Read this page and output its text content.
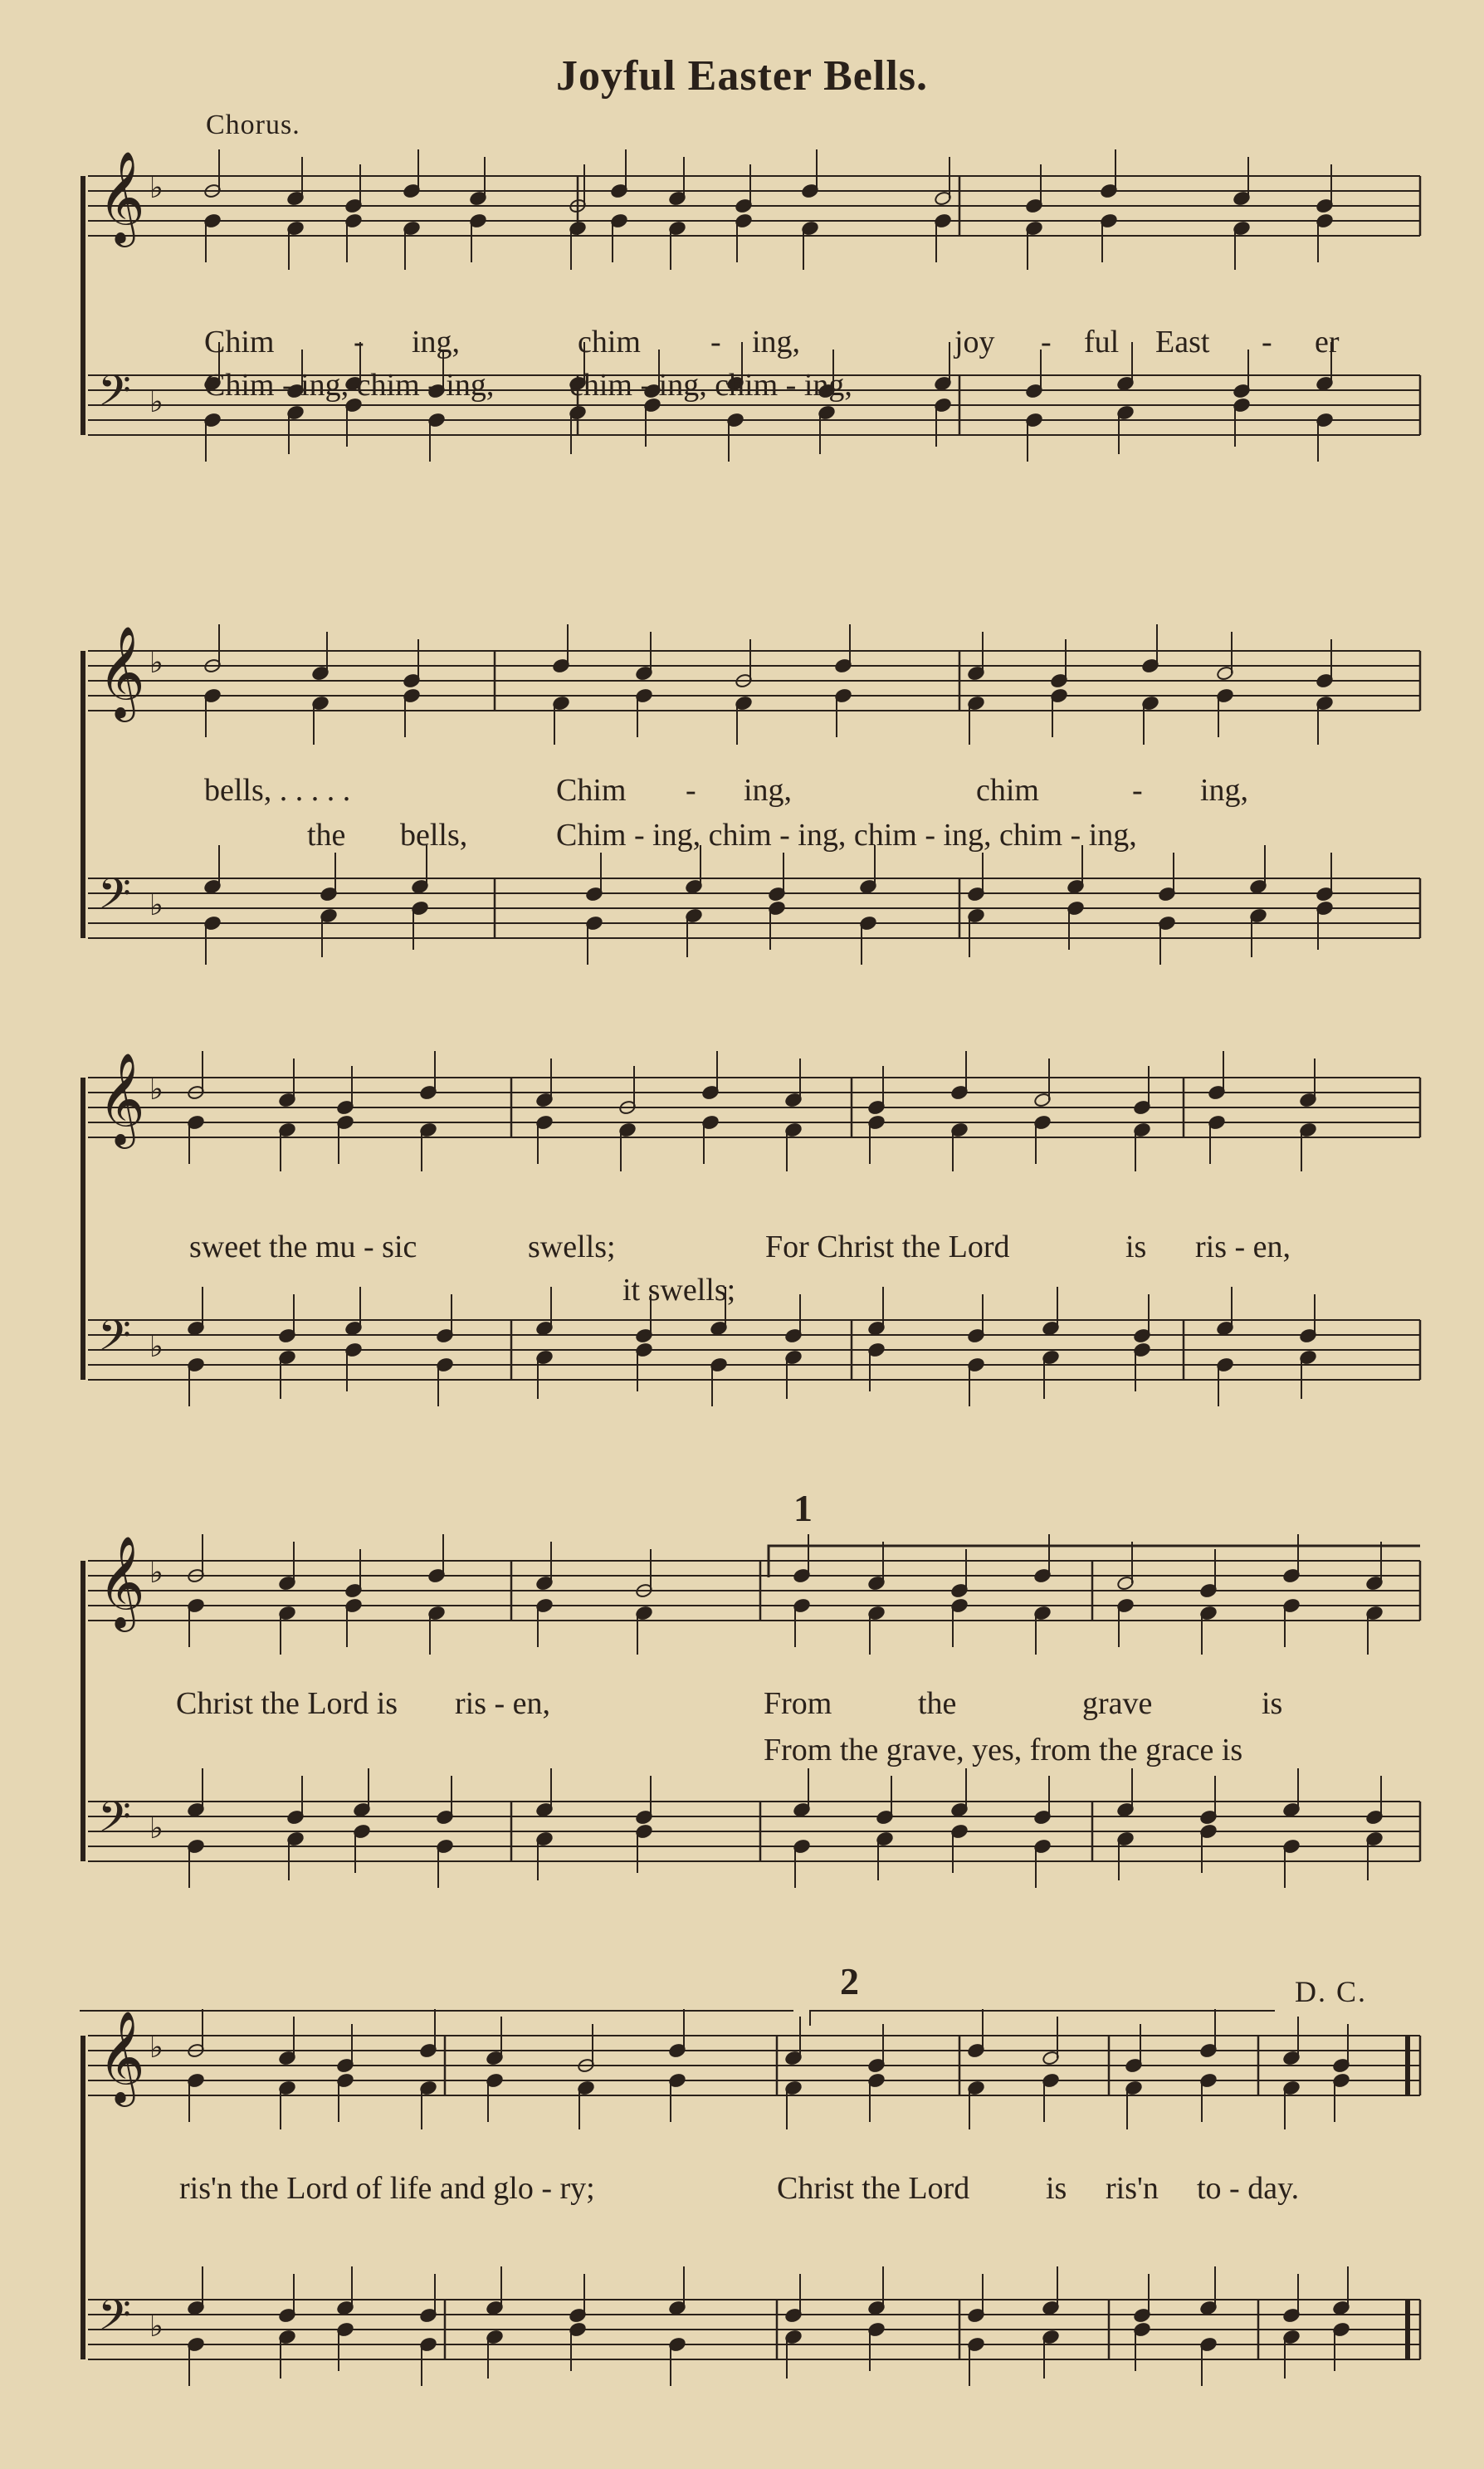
Joyful Easter Bells.
Chorus.
𝄞
𝄢
♭
♭

Chim

	-

ing,

	chim

-

ing,

	joy

-

ful

East

-

er

Chim - ing, chim - ing,

chim - ing, chim - ing,

𝄞
𝄢
♭
♭

bells, . . . . .

	Chim

-

ing,

	chim

	-

ing,

the

bells,

	Chim - ing, chim - ing, chim - ing, chim - ing,

𝄞
𝄢
♭
♭

sweet the mu - sic

	swells;

	For Christ the Lord

	is

ris - en,

it swells;

𝄞
𝄢
♭
♭
1

Christ the Lord is

ris - en,

	From

	the

	grave

	is

From the grave, yes, from the grace is

𝄞
𝄢
♭
♭
2	D. C.

ris'n the Lord of life and glo - ry;

	Christ the Lord

is

ris'n

to - day.
